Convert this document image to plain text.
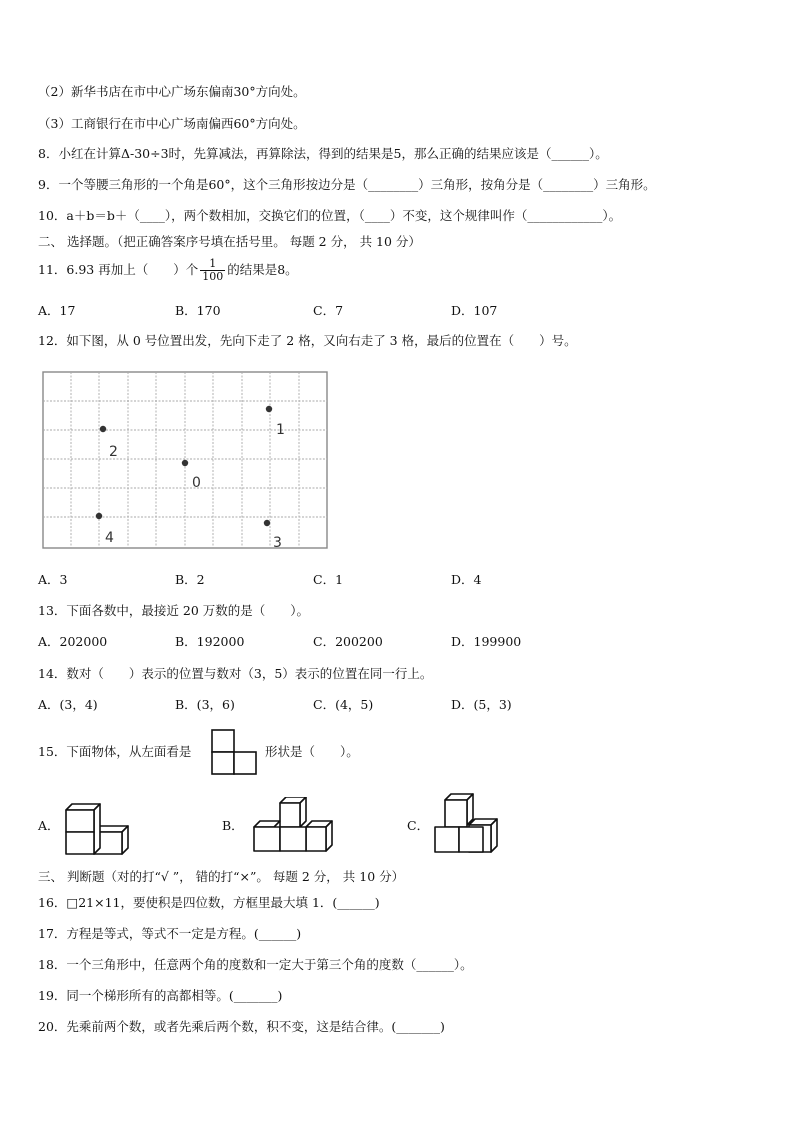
（2）新华书店在市中心广场东偏南30°方向处。
（3）工商银行在市中心广场南偏西60°方向处。
8．小红在计算Δ-30÷3时，先算减法，再算除法，得到的结果是5，那么正确的结果应该是（______）。
9．一个等腰三角形的一个角是60°，这个三角形按边分是（________）三角形，按角分是（________）三角形。
10．a＋b＝b＋（____），两个数相加，交换它们的位置，（____）不变，这个规律叫作（____________）。
二、 选择题。（把正确答案序号填在括号里。 每题 2 分， 共 10 分）
11．6.93 再加上（　　）个 $\frac{1}{100}$ 的结果是8。
A．17	B．170	C．7	D．107
12．如下图，从 0 号位置出发，先向下走了 2 格，又向右走了 3 格，最后的位置在（　　）号。
2
1
0
4	3
A．3	B．2	C．1	D．4
13．下面各数中，最接近 20 万数的是（　　）。
A．202000	B．192000	C．200200	D．199900
14．数对（　　）表示的位置与数对（3，5）表示的位置在同一行上。
A．(3，4)	B．(3，6)	C．(4，5)	D．(5，3)
15．下面物体，从左面看是	形状是（　　）。
A．	B．	C．
三、 判断题（对的打“√ ”， 错的打“×”。 每题 2 分， 共 10 分）
16．□21×11，要使积是四位数，方框里最大填 1．(______)
17．方程是等式，等式不一定是方程。(______)
18．一个三角形中，任意两个角的度数和一定大于第三个角的度数（______）。
19．同一个梯形所有的高都相等。(_______)
20．先乘前两个数，或者先乘后两个数，积不变，这是结合律。(_______)
